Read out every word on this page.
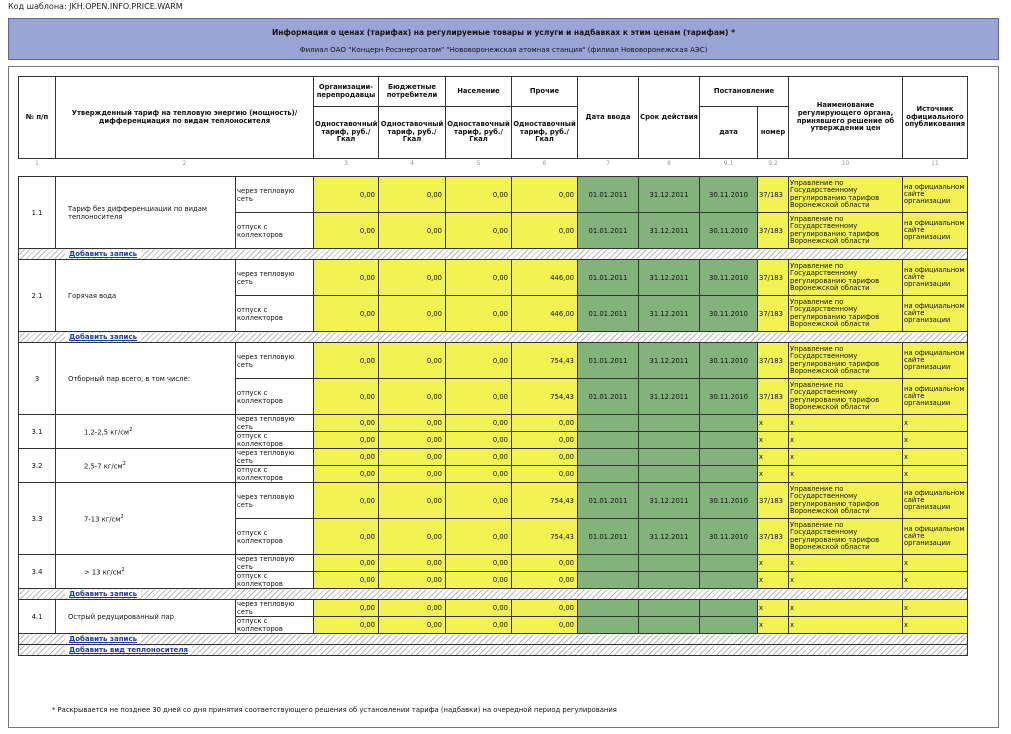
Код шаблона: JKH.OPEN.INFO.PRICE.WARM
Информация о ценах (тарифах) на регулируемые товары и услуги и надбавках к этим ценам (тарифам) *
Филиал ОАО "Концерн Росэнергоатом" "Нововоронежская атомная станция" (филиал Нововоронежская АЭС)
№ п/п	Утвержденный тариф на тепловую энергию (мощность)/ дифференциация по видам теплоносителя		Организации-перепродавцы	Бюджетные потребители	Население	Прочие	Дата ввода	Срок действия	Постановление		Наименование регулирующего органа, принявшего решение об утверждении цен	Источник официального опубликования
			Одноставочный тариф, руб./Гкал	Одноставочный тариф, руб./Гкал	Одноставочный тариф, руб./Гкал	Одноставочный тариф, руб./Гкал			дата	номер		
1	2		3	4	5	6	7	8	9.1	9.2	10	11

1.1	Тариф без дифференциации по видам теплоносителя	через тепловую сеть	0,00	0,00	0,00	0,00	01.01.2011	31.12.2011	30.11.2010	37/183	Управление по Государственному регулированию тарифов Воронежской области	на официальном сайте организации
		отпуск с коллекторов	0,00	0,00	0,00	0,00	01.01.2011	31.12.2011	30.11.2010	37/183	Управление по Государственному регулированию тарифов Воронежской области	на официальном сайте организации
Добавить запись												
2.1	Горячая вода	через тепловую сеть	0,00	0,00	0,00	446,00	01.01.2011	31.12.2011	30.11.2010	37/183	Управление по Государственному регулированию тарифов Воронежской области	на официальном сайте организации
		отпуск с коллекторов	0,00	0,00	0,00	446,00	01.01.2011	31.12.2011	30.11.2010	37/183	Управление по Государственному регулированию тарифов Воронежской области	на официальном сайте организации
Добавить запись												
3	Отборный пар всего, в том числе:	через тепловую сеть	0,00	0,00	0,00	754,43	01.01.2011	31.12.2011	30.11.2010	37/183	Управление по Государственному регулированию тарифов Воронежской области	на официальном сайте организации
		отпуск с коллекторов	0,00	0,00	0,00	754,43	01.01.2011	31.12.2011	30.11.2010	37/183	Управление по Государственному регулированию тарифов Воронежской области	на официальном сайте организации
3.1	1,2-2,5 $кг/см^2$	через тепловую сеть	0,00	0,00	0,00	0,00				x	x	x
		отпуск с коллекторов	0,00	0,00	0,00	0,00				x	x	x
3.2	2,5-7 $кг/см^2$	через тепловую сеть	0,00	0,00	0,00	0,00				x	x	x
		отпуск с коллекторов	0,00	0,00	0,00	0,00				x	x	x
3.3	7-13 $кг/см^2$	через тепловую сеть	0,00	0,00	0,00	754,43	01.01.2011	31.12.2011	30.11.2010	37/183	Управление по Государственному регулированию тарифов Воронежской области	на официальном сайте организации
		отпуск с коллекторов	0,00	0,00	0,00	754,43	01.01.2011	31.12.2011	30.11.2010	37/183	Управление по Государственному регулированию тарифов Воронежской области	на официальном сайте организации
3.4	> 13 $кг/см^2$	через тепловую сеть	0,00	0,00	0,00	0,00				x	x	x
		отпуск с коллекторов	0,00	0,00	0,00	0,00				x	x	x
Добавить запись												
4.1	Острый редуцированный пар	через тепловую сеть	0,00	0,00	0,00	0,00				x	x	x
		отпуск с коллекторов	0,00	0,00	0,00	0,00				x	x	x
Добавить запись												
Добавить вид теплоносителя												
* Раскрывается не позднее 30 дней со дня принятия соответствующего решения об установлении тарифа (надбавки) на очередной период регулирования
